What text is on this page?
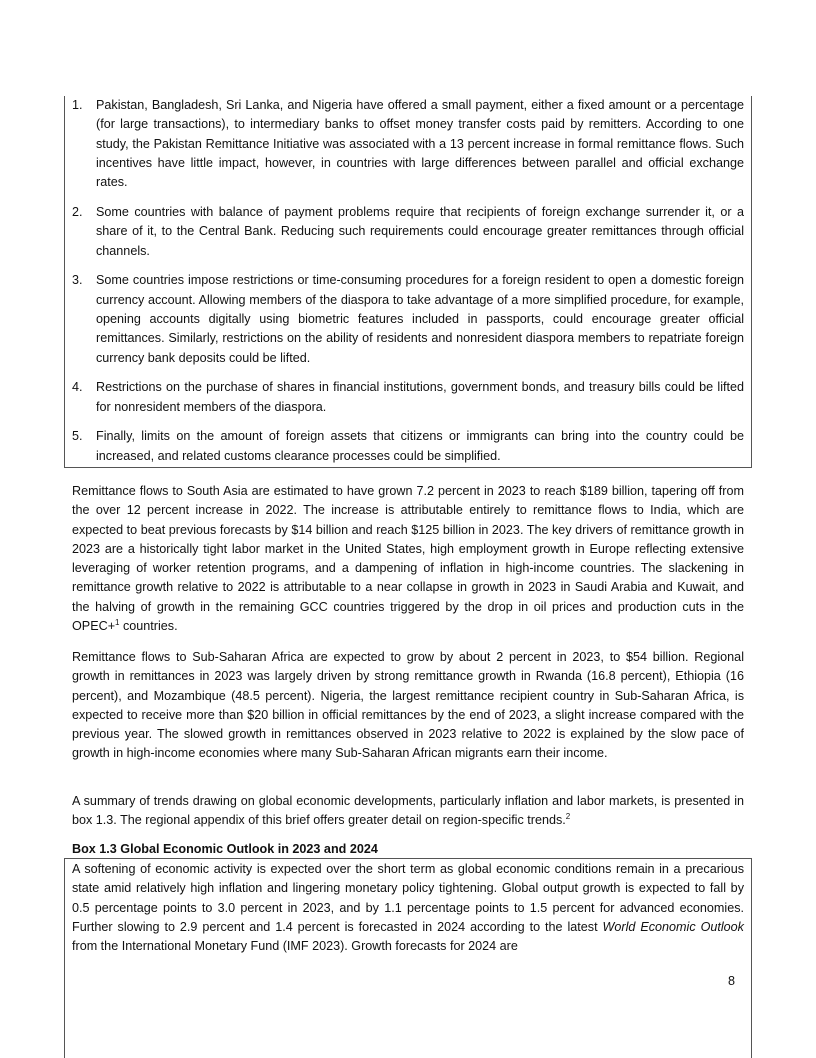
1. Pakistan, Bangladesh, Sri Lanka, and Nigeria have offered a small payment, either a fixed amount or a percentage (for large transactions), to intermediary banks to offset money transfer costs paid by remitters. According to one study, the Pakistan Remittance Initiative was associated with a 13 percent increase in formal remittance flows. Such incentives have little impact, however, in countries with large differences between parallel and official exchange rates.
2. Some countries with balance of payment problems require that recipients of foreign exchange surrender it, or a share of it, to the Central Bank. Reducing such requirements could encourage greater remittances through official channels.
3. Some countries impose restrictions or time-consuming procedures for a foreign resident to open a domestic foreign currency account. Allowing members of the diaspora to take advantage of a more simplified procedure, for example, opening accounts digitally using biometric features included in passports, could encourage greater official remittances. Similarly, restrictions on the ability of residents and nonresident diaspora members to repatriate foreign currency bank deposits could be lifted.
4. Restrictions on the purchase of shares in financial institutions, government bonds, and treasury bills could be lifted for nonresident members of the diaspora.
5. Finally, limits on the amount of foreign assets that citizens or immigrants can bring into the country could be increased, and related customs clearance processes could be simplified.

Remittance flows to South Asia are estimated to have grown 7.2 percent in 2023 to reach $189 billion, tapering off from the over 12 percent increase in 2022. The increase is attributable entirely to remittance flows to India, which are expected to beat previous forecasts by $14 billion and reach $125 billion in 2023. The key drivers of remittance growth in 2023 are a historically tight labor market in the United States, high employment growth in Europe reflecting extensive leveraging of worker retention programs, and a dampening of inflation in high-income countries. The slackening in remittance growth relative to 2022 is attributable to a near collapse in growth in 2023 in Saudi Arabia and Kuwait, and the halving of growth in the remaining GCC countries triggered by the drop in oil prices and production cuts in the OPEC+$^1$ countries.

Remittance flows to Sub-Saharan Africa are expected to grow by about 2 percent in 2023, to $54 billion. Regional growth in remittances in 2023 was largely driven by strong remittance growth in Rwanda (16.8 percent), Ethiopia (16 percent), and Mozambique (48.5 percent). Nigeria, the largest remittance recipient country in Sub-Saharan Africa, is expected to receive more than $20 billion in official remittances by the end of 2023, a slight increase compared with the previous year. The slowed growth in remittances observed in 2023 relative to 2022 is explained by the slow pace of growth in high-income economies where many Sub-Saharan African migrants earn their income.

A summary of trends drawing on global economic developments, particularly inflation and labor markets, is presented in box 1.3. The regional appendix of this brief offers greater detail on region-specific trends.$^2$

Box 1.3 Global Economic Outlook in 2023 and 2024

A softening of economic activity is expected over the short term as global economic conditions remain in a precarious state amid relatively high inflation and lingering monetary policy tightening. Global output growth is expected to fall by 0.5 percentage points to 3.0 percent in 2023, and by 1.1 percentage points to 1.5 percent for advanced economies. Further slowing to 2.9 percent and 1.4 percent is forecasted in 2024 according to the latest World Economic Outlook from the International Monetary Fund (IMF 2023). Growth forecasts for 2024 are

8
